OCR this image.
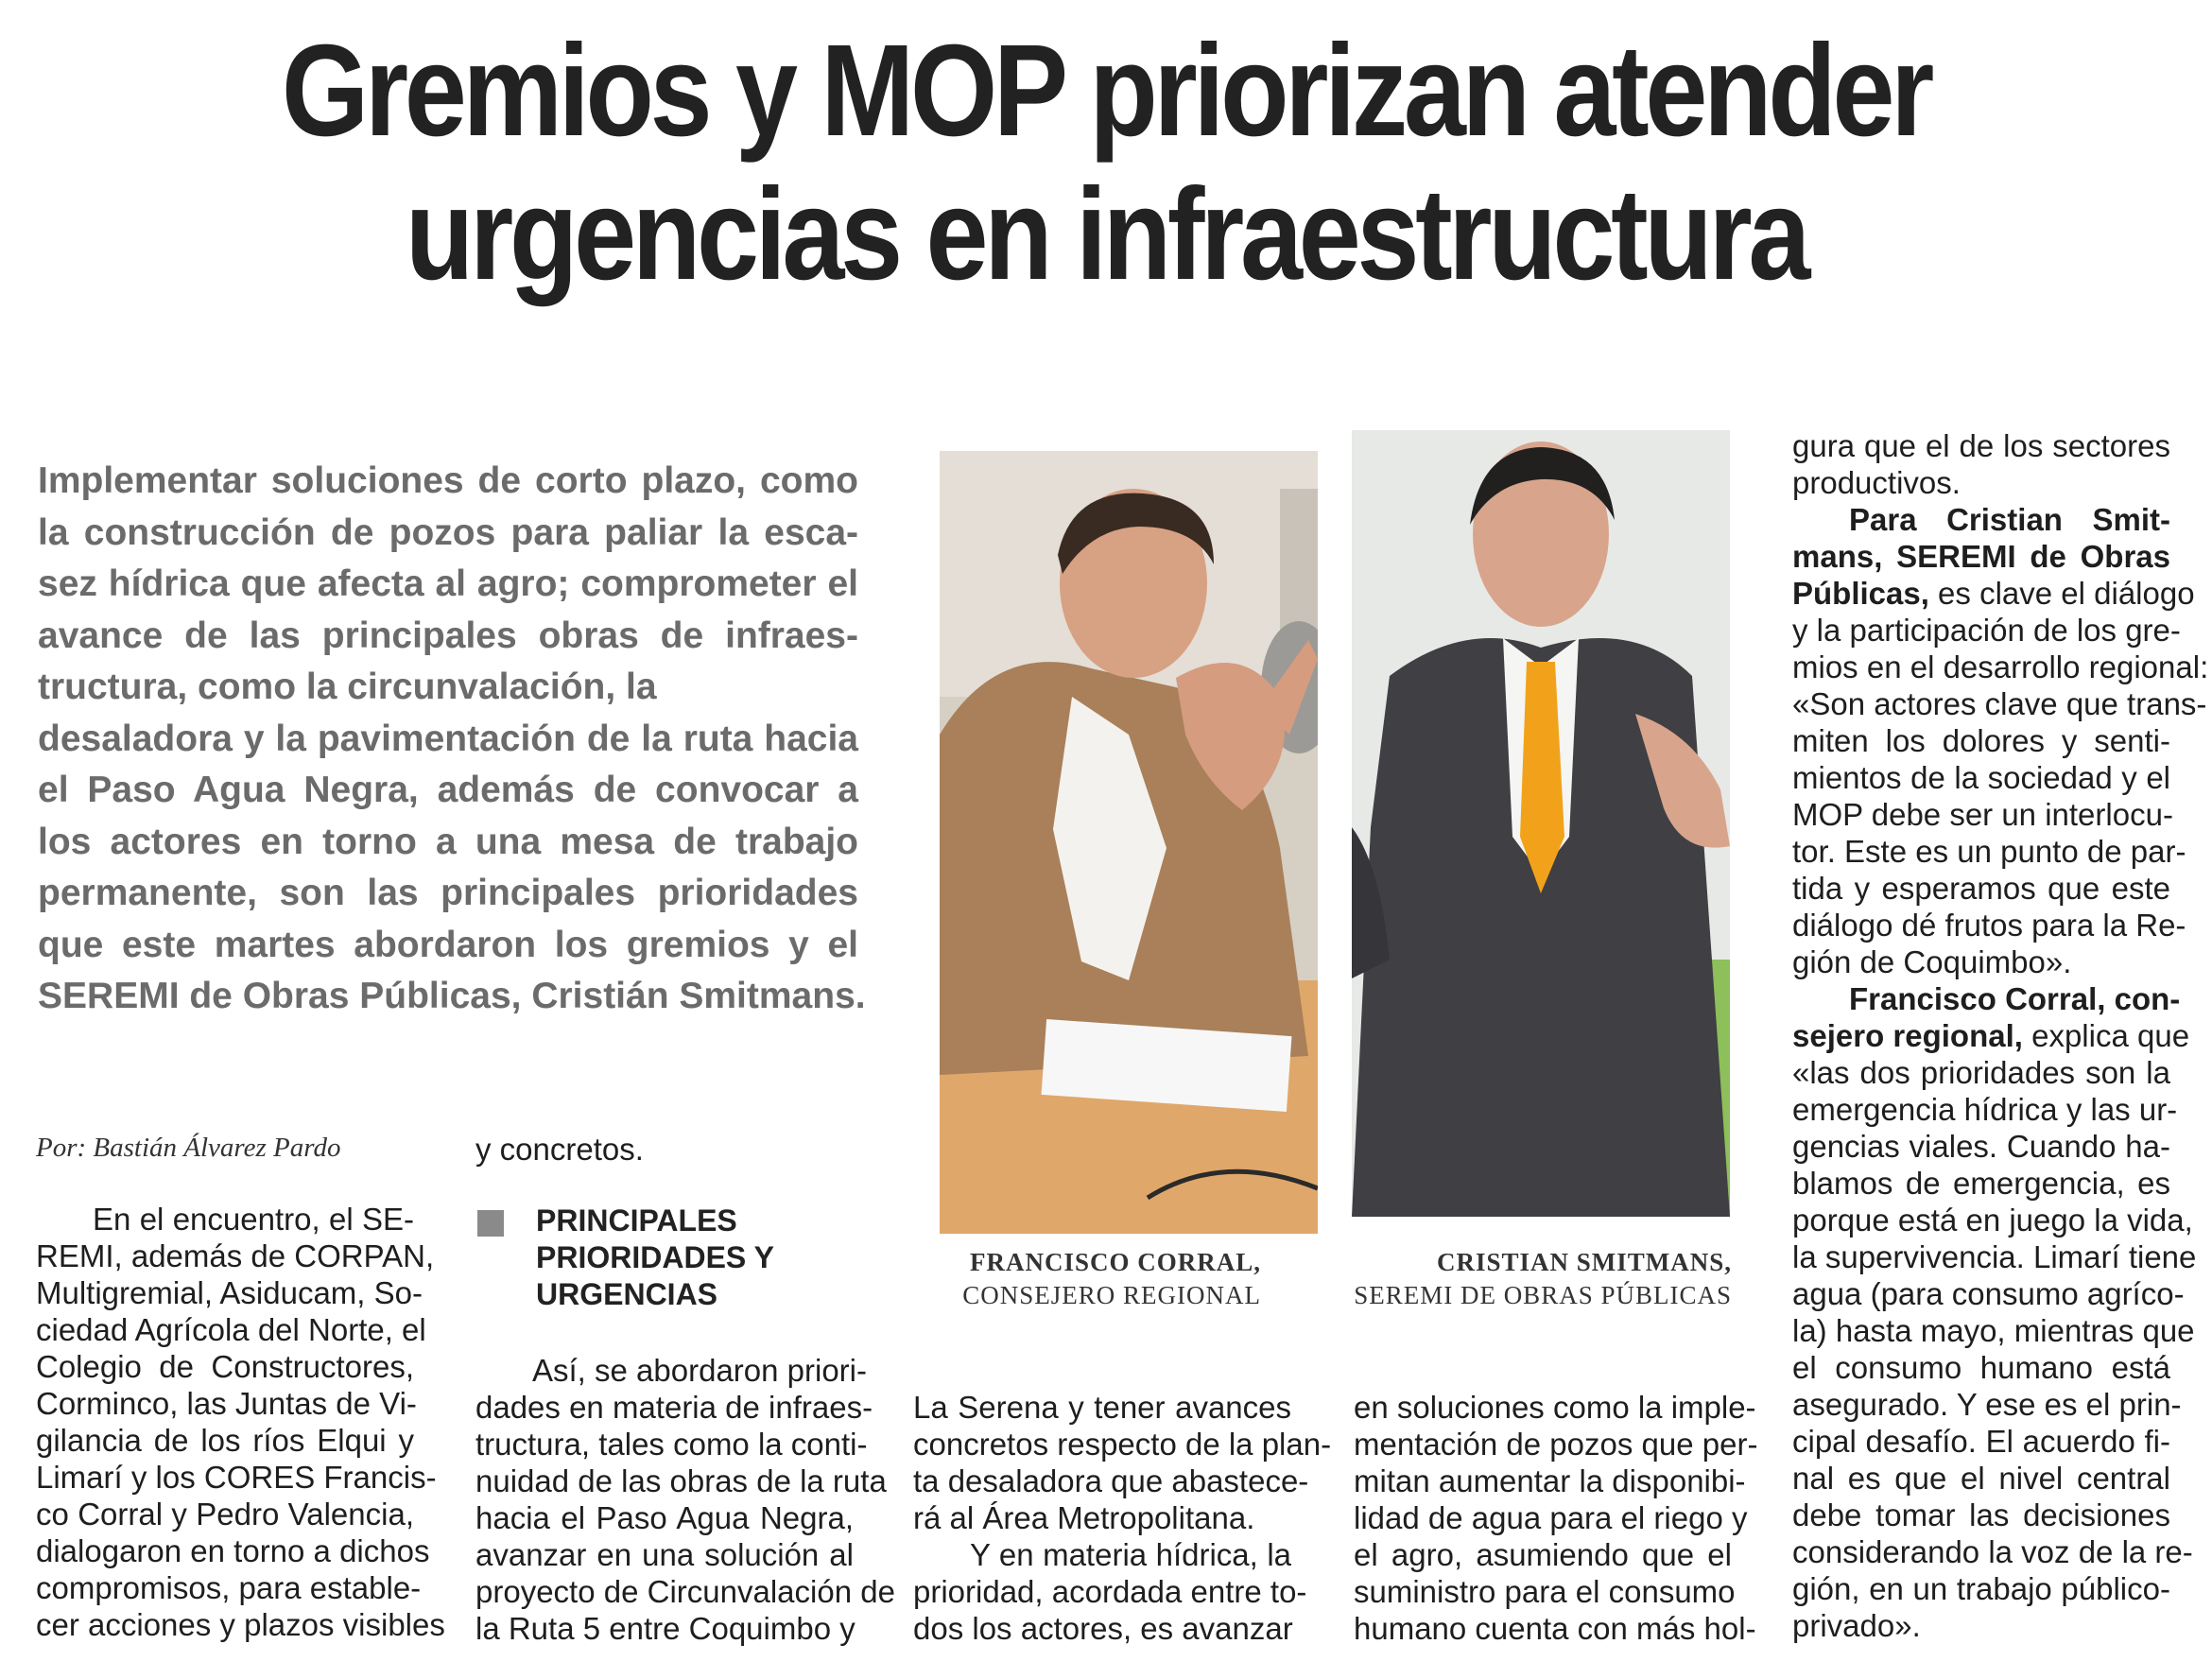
Gremios y MOP priorizan atender
urgencias en infraestructura

Implementar soluciones de corto plazo, como
la construcción de pozos para paliar la esca-
sez hídrica que afecta al agro; comprometer el
avance de las principales obras de infraes-
tructura, como la circunvalación, la
desaladora y la pavimentación de la ruta hacia
el Paso Agua Negra, además de convocar a
los actores en torno a una mesa de trabajo
permanente, son las principales prioridades
que este martes abordaron los gremios y el
SEREMI de Obras Públicas, Cristián Smitmans.

Por: Bastián Álvarez Pardo

En el encuentro, el SE-
REMI, además de CORPAN,
Multigremial, Asiducam, So-
ciedad Agrícola del Norte, el
Colegio de Constructores,
Corminco, las Juntas de Vi-
gilancia de los ríos Elqui y
Limarí y los CORES Francis-
co Corral y Pedro Valencia,
dialogaron en torno a dichos
compromisos, para estable-
cer acciones y plazos visibles

y concretos.

PRINCIPALES
PRIORIDADES Y
URGENCIAS

Así, se abordaron priori-
dades en materia de infraes-
tructura, tales como la conti-
nuidad de las obras de la ruta
hacia el Paso Agua Negra,
avanzar en una solución al
proyecto de Circunvalación de
la Ruta 5 entre Coquimbo y

FRANCISCO CORRAL,
CONSEJERO REGIONAL

CRISTIAN SMITMANS,
SEREMI DE OBRAS PÚBLICAS

La Serena y tener avances
concretos respecto de la plan-
ta desaladora que abastece-
rá al Área Metropolitana.
Y en materia hídrica, la
prioridad, acordada entre to-
dos los actores, es avanzar

en soluciones como la imple-
mentación de pozos que per-
mitan aumentar la disponibi-
lidad de agua para el riego y
el agro, asumiendo que el
suministro para el consumo
humano cuenta con más hol-

gura que el de los sectores
productivos.
Para Cristian Smit-
mans, SEREMI de Obras
Públicas, es clave el diálogo
y la participación de los gre-
mios en el desarrollo regional:
«Son actores clave que trans-
miten los dolores y senti-
mientos de la sociedad y el
MOP debe ser un interlocu-
tor. Este es un punto de par-
tida y esperamos que este
diálogo dé frutos para la Re-
gión de Coquimbo».
Francisco Corral, con-
sejero regional, explica que
«las dos prioridades son la
emergencia hídrica y las ur-
gencias viales. Cuando ha-
blamos de emergencia, es
porque está en juego la vida,
la supervivencia. Limarí tiene
agua (para consumo agríco-
la) hasta mayo, mientras que
el consumo humano está
asegurado. Y ese es el prin-
cipal desafío. El acuerdo fi-
nal es que el nivel central
debe tomar las decisiones
considerando la voz de la re-
gión, en un trabajo público-
privado».
